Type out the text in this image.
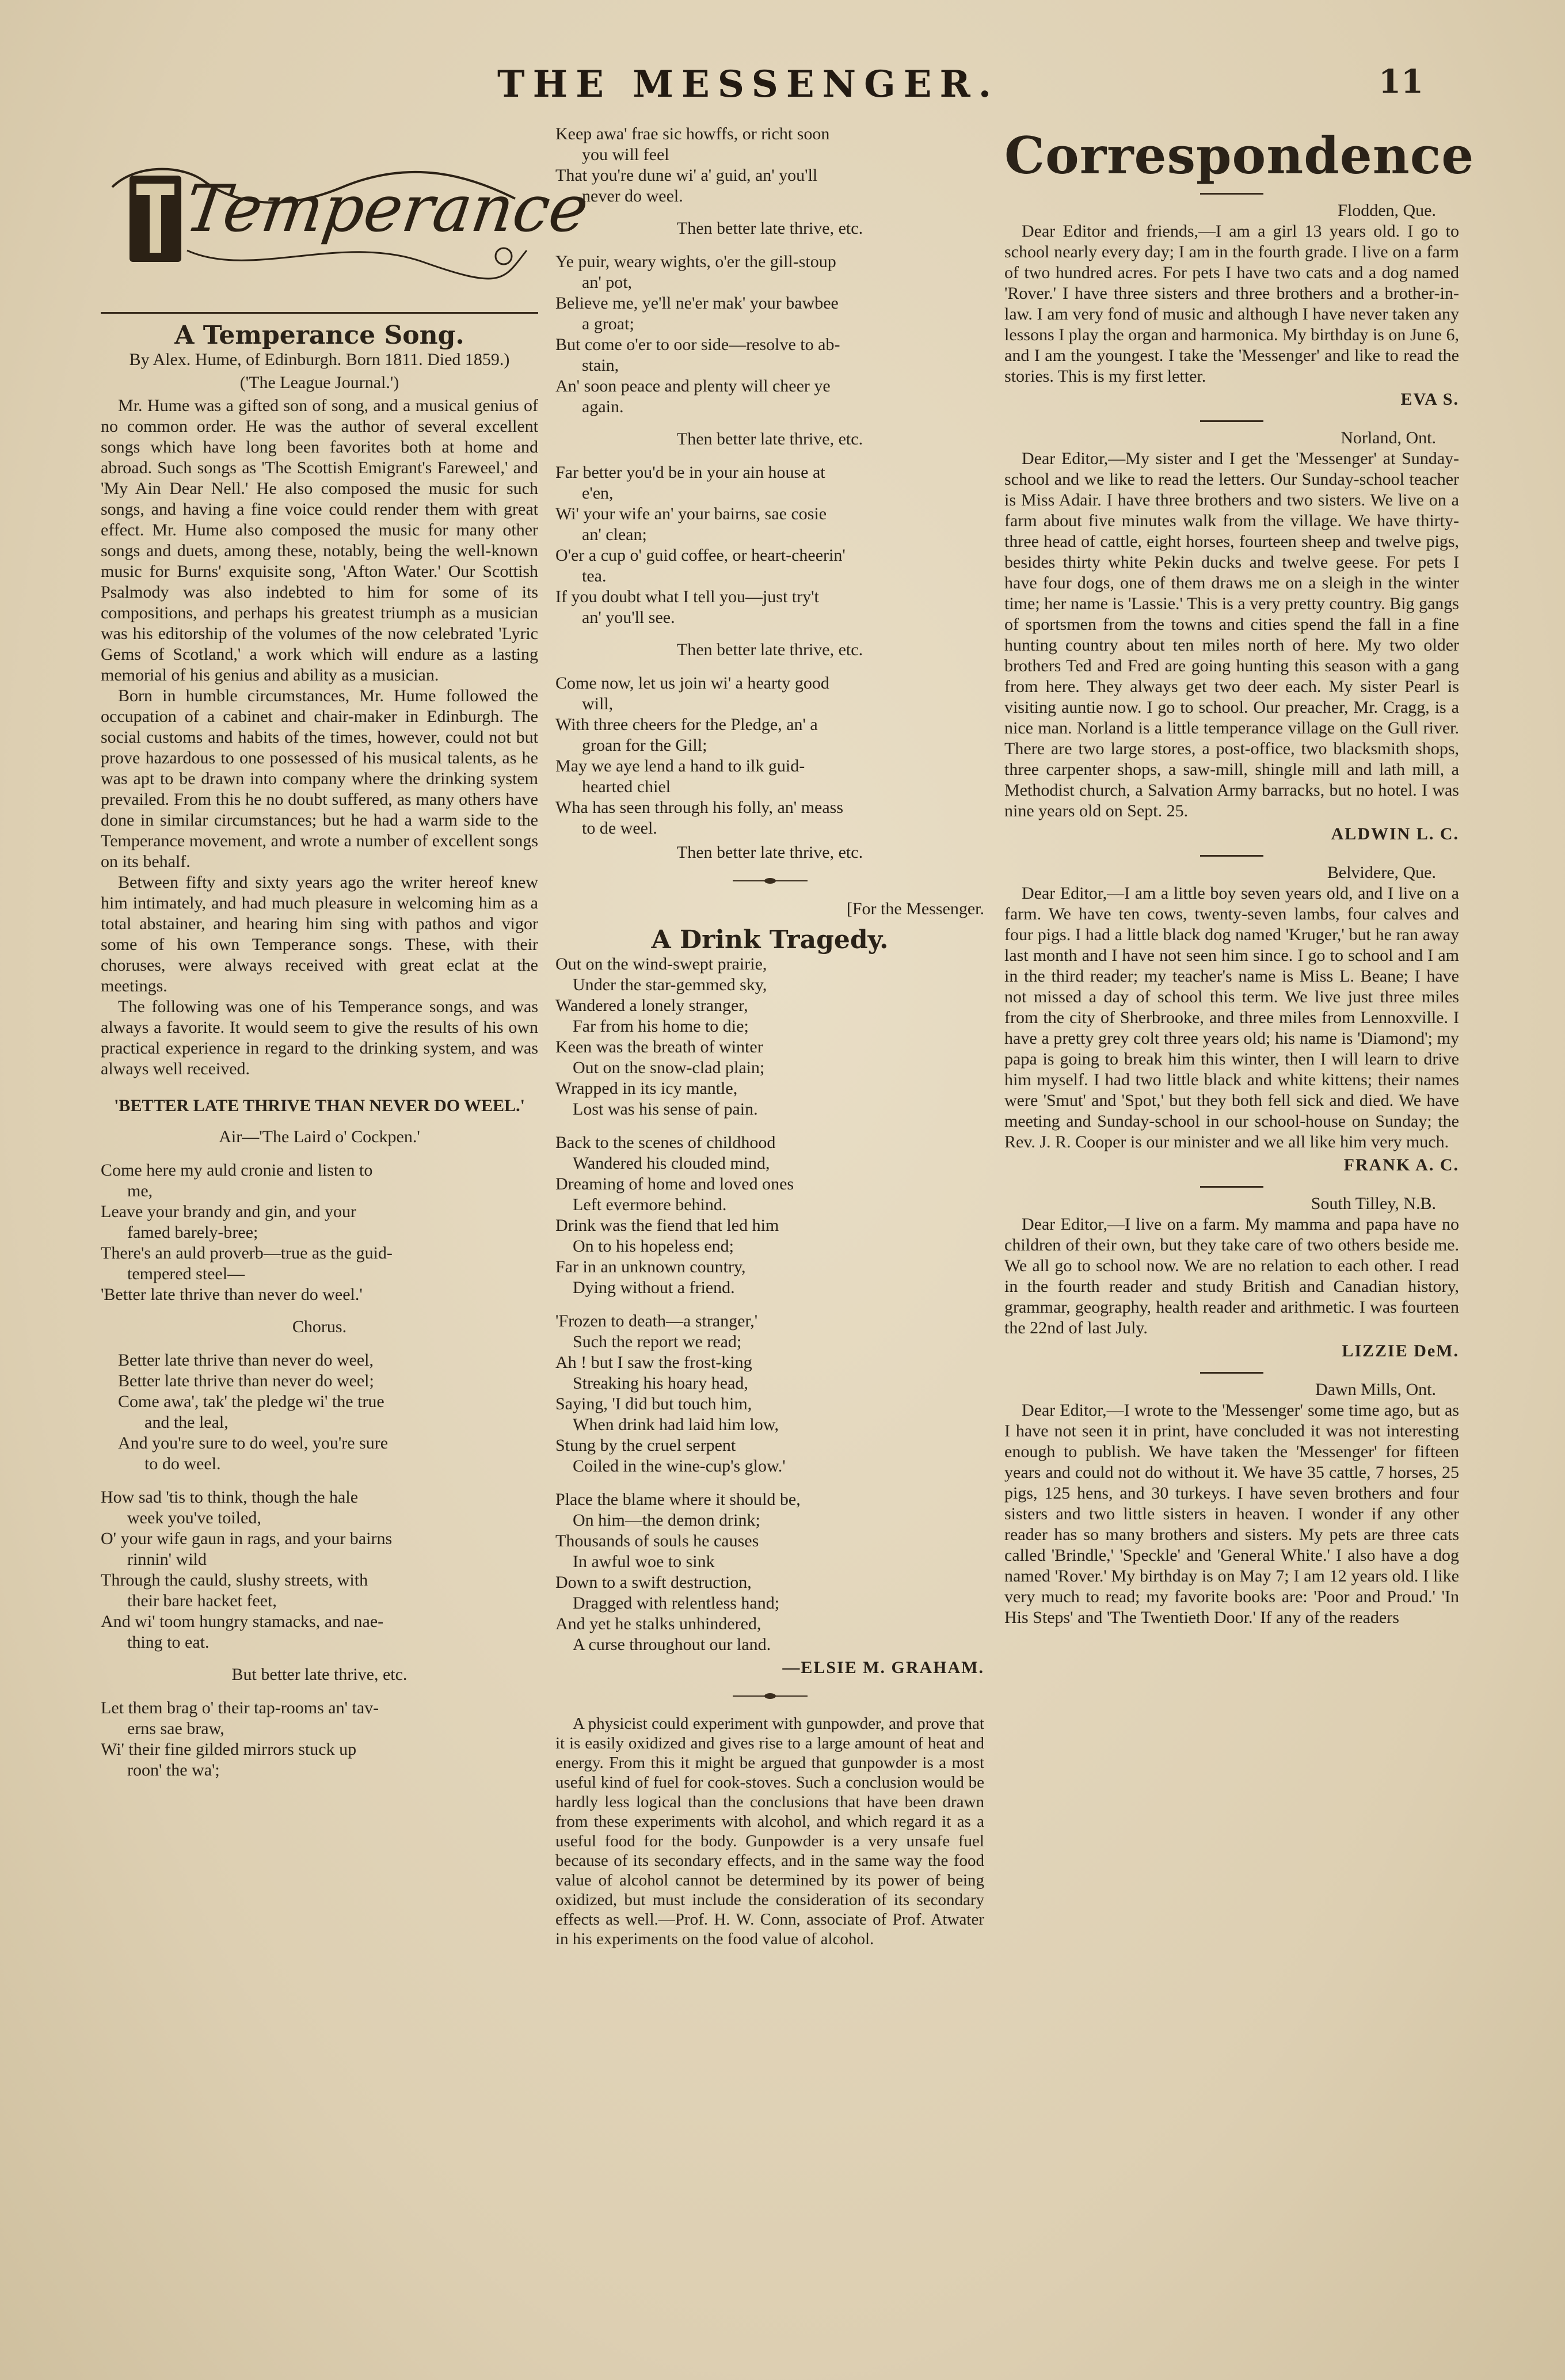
THE MESSENGER.	11
Temperance
A Temperance Song.
By Alex. Hume, of Edinburgh. Born 1811. Died 1859.)
('The League Journal.')

Mr. Hume was a gifted son of song, and a musical genius of no common order. He was the author of several excellent songs which have long been favorites both at home and abroad. Such songs as 'The Scottish Emigrant's Fareweel,' and 'My Ain Dear Nell.' He also composed the music for such songs, and having a fine voice could render them with great effect. Mr. Hume also composed the music for many other songs and duets, among these, notably, being the well-known music for Burns' exquisite song, 'Afton Water.' Our Scottish Psalmody was also indebted to him for some of its compositions, and perhaps his greatest triumph as a musician was his editorship of the volumes of the now celebrated 'Lyric Gems of Scotland,' a work which will endure as a lasting memorial of his genius and ability as a musician.

Born in humble circumstances, Mr. Hume followed the occupation of a cabinet and chair-maker in Edinburgh. The social customs and habits of the times, however, could not but prove hazardous to one possessed of his musical talents, as he was apt to be drawn into company where the drinking system prevailed. From this he no doubt suffered, as many others have done in similar circumstances; but he had a warm side to the Temperance movement, and wrote a number of excellent songs on its behalf.

Between fifty and sixty years ago the writer hereof knew him intimately, and had much pleasure in welcoming him as a total abstainer, and hearing him sing with pathos and vigor some of his own Temperance songs. These, with their choruses, were always received with great eclat at the meetings.

The following was one of his Temperance songs, and was always a favorite. It would seem to give the results of his own practical experience in regard to the drinking system, and was always well received.

'BETTER LATE THRIVE THAN NEVER DO WEEL.'
Air—'The Laird o' Cockpen.'
Come here my auld cronie and listen to
me,
Leave your brandy and gin, and your
famed barely-bree;
There's an auld proverb—true as the guid-
tempered steel—
'Better late thrive than never do weel.'
Chorus.
Better late thrive than never do weel,
Better late thrive than never do weel;
Come awa', tak' the pledge wi' the true
and the leal,
And you're sure to do weel, you're sure
to do weel.
How sad 'tis to think, though the hale
week you've toiled,
O' your wife gaun in rags, and your bairns
rinnin' wild
Through the cauld, slushy streets, with
their bare hacket feet,
And wi' toom hungry stamacks, and nae-
thing to eat.
But better late thrive, etc.
Let them brag o' their tap-rooms an' tav-
erns sae braw,
Wi' their fine gilded mirrors stuck up
roon' the wa';
Keep awa' frae sic howffs, or richt soon
you will feel
That you're dune wi' a' guid, an' you'll
never do weel.
Then better late thrive, etc.
Ye puir, weary wights, o'er the gill-stoup
an' pot,
Believe me, ye'll ne'er mak' your bawbee
a groat;
But come o'er to oor side—resolve to ab-
stain,
An' soon peace and plenty will cheer ye
again.
Then better late thrive, etc.
Far better you'd be in your ain house at
e'en,
Wi' your wife an' your bairns, sae cosie
an' clean;
O'er a cup o' guid coffee, or heart-cheerin'
tea.
If you doubt what I tell you—just try't
an' you'll see.
Then better late thrive, etc.
Come now, let us join wi' a hearty good
will,
With three cheers for the Pledge, an' a
groan for the Gill;
May we aye lend a hand to ilk guid-
hearted chiel
Wha has seen through his folly, an' meass
to de weel.
Then better late thrive, etc.
[For the Messenger.
A Drink Tragedy.
Out on the wind-swept prairie,
Under the star-gemmed sky,
Wandered a lonely stranger,
Far from his home to die;
Keen was the breath of winter
Out on the snow-clad plain;
Wrapped in its icy mantle,
Lost was his sense of pain.
Back to the scenes of childhood
Wandered his clouded mind,
Dreaming of home and loved ones
Left evermore behind.
Drink was the fiend that led him
On to his hopeless end;
Far in an unknown country,
Dying without a friend.
'Frozen to death—a stranger,'
Such the report we read;
Ah ! but I saw the frost-king
Streaking his hoary head,
Saying, 'I did but touch him,
When drink had laid him low,
Stung by the cruel serpent
Coiled in the wine-cup's glow.'
Place the blame where it should be,
On him—the demon drink;
Thousands of souls he causes
In awful woe to sink
Down to a swift destruction,
Dragged with relentless hand;
And yet he stalks unhindered,
A curse throughout our land.
—ELSIE M. GRAHAM.

A physicist could experiment with gunpowder, and prove that it is easily oxidized and gives rise to a large amount of heat and energy. From this it might be argued that gunpowder is a most useful kind of fuel for cook-stoves. Such a conclusion would be hardly less logical than the conclusions that have been drawn from these experiments with alcohol, and which regard it as a useful food for the body. Gunpowder is a very unsafe fuel because of its secondary effects, and in the same way the food value of alcohol cannot be determined by its power of being oxidized, but must include the consideration of its secondary effects as well.—Prof. H. W. Conn, associate of Prof. Atwater in his experiments on the food value of alcohol.

Correspondence
Flodden, Que.

Dear Editor and friends,—I am a girl 13 years old. I go to school nearly every day; I am in the fourth grade. I live on a farm of two hundred acres. For pets I have two cats and a dog named 'Rover.' I have three sisters and three brothers and a brother-in-law. I am very fond of music and although I have never taken any lessons I play the organ and harmonica. My birthday is on June 6, and I am the youngest. I take the 'Messenger' and like to read the stories. This is my first letter.

EVA S.
Norland, Ont.

Dear Editor,—My sister and I get the 'Messenger' at Sunday-school and we like to read the letters. Our Sunday-school teacher is Miss Adair. I have three brothers and two sisters. We live on a farm about five minutes walk from the village. We have thirty-three head of cattle, eight horses, fourteen sheep and twelve pigs, besides thirty white Pekin ducks and twelve geese. For pets I have four dogs, one of them draws me on a sleigh in the winter time; her name is 'Lassie.' This is a very pretty country. Big gangs of sportsmen from the towns and cities spend the fall in a fine hunting country about ten miles north of here. My two older brothers Ted and Fred are going hunting this season with a gang from here. They always get two deer each. My sister Pearl is visiting auntie now. I go to school. Our preacher, Mr. Cragg, is a nice man. Norland is a little temperance village on the Gull river. There are two large stores, a post-office, two blacksmith shops, three carpenter shops, a saw-mill, shingle mill and lath mill, a Methodist church, a Salvation Army barracks, but no hotel. I was nine years old on Sept. 25.

ALDWIN L. C.
Belvidere, Que.

Dear Editor,—I am a little boy seven years old, and I live on a farm. We have ten cows, twenty-seven lambs, four calves and four pigs. I had a little black dog named 'Kruger,' but he ran away last month and I have not seen him since. I go to school and I am in the third reader; my teacher's name is Miss L. Beane; I have not missed a day of school this term. We live just three miles from the city of Sherbrooke, and three miles from Lennoxville. I have a pretty grey colt three years old; his name is 'Diamond'; my papa is going to break him this winter, then I will learn to drive him myself. I had two little black and white kittens; their names were 'Smut' and 'Spot,' but they both fell sick and died. We have meeting and Sunday-school in our school-house on Sunday; the Rev. J. R. Cooper is our minister and we all like him very much.

FRANK A. C.
South Tilley, N.B.

Dear Editor,—I live on a farm. My mamma and papa have no children of their own, but they take care of two others beside me. We all go to school now. We are no relation to each other. I read in the fourth reader and study British and Canadian history, grammar, geography, health reader and arithmetic. I was fourteen the 22nd of last July.

LIZZIE DeM.
Dawn Mills, Ont.

Dear Editor,—I wrote to the 'Messenger' some time ago, but as I have not seen it in print, have concluded it was not interesting enough to publish. We have taken the 'Messenger' for fifteen years and could not do without it. We have 35 cattle, 7 horses, 25 pigs, 125 hens, and 30 turkeys. I have seven brothers and four sisters and two little sisters in heaven. I wonder if any other reader has so many brothers and sisters. My pets are three cats called 'Brindle,' 'Speckle' and 'General White.' I also have a dog named 'Rover.' My birthday is on May 7; I am 12 years old. I like very much to read; my favorite books are: 'Poor and Proud.' 'In His Steps' and 'The Twentieth Door.' If any of the readers
